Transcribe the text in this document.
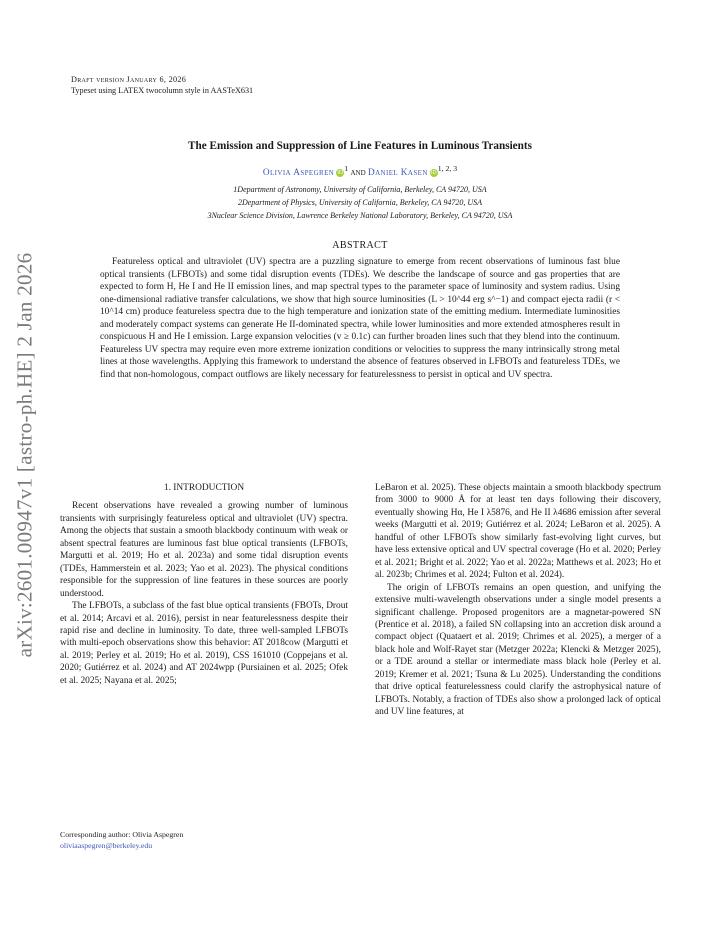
arXiv:2601.00947v1 [astro-ph.HE] 2 Jan 2026
Draft version January 6, 2026
Typeset using LATEX twocolumn style in AASTeX631
The Emission and Suppression of Line Features in Luminous Transients
Olivia Aspegren $iD^1$ and Daniel Kasen iD$^{1, 2, 3}$
1Department of Astronomy, University of California, Berkeley, CA 94720, USA
2Department of Physics, University of California, Berkeley, CA 94720, USA
3Nuclear Science Division, Lawrence Berkeley National Laboratory, Berkeley, CA 94720, USA
ABSTRACT

Featureless optical and ultraviolet (UV) spectra are a puzzling signature to emerge from recent observations of luminous fast blue optical transients (LFBOTs) and some tidal disruption events (TDEs). We describe the landscape of source and gas properties that are expected to form H, He I and He II emission lines, and map spectral types to the parameter space of luminosity and system radius. Using one-dimensional radiative transfer calculations, we show that high source luminosities (L > 10^44 erg s^−1) and compact ejecta radii (r < 10^14 cm) produce featureless spectra due to the high temperature and ionization state of the emitting medium. Intermediate luminosities and moderately compact systems can generate He II-dominated spectra, while lower luminosities and more extended atmospheres result in conspicuous H and He I emission. Large expansion velocities (v ≥ 0.1c) can further broaden lines such that they blend into the continuum. Featureless UV spectra may require even more extreme ionization conditions or velocities to suppress the many intrinsically strong metal lines at those wavelengths. Applying this framework to understand the absence of features observed in LFBOTs and featureless TDEs, we find that non-homologous, compact outflows are likely necessary for featurelessness to persist in optical and UV spectra.

1. INTRODUCTION

Recent observations have revealed a growing number of luminous transients with surprisingly featureless optical and ultraviolet (UV) spectra. Among the objects that sustain a smooth blackbody continuum with weak or absent spectral features are luminous fast blue optical transients (LFBOTs, Margutti et al. 2019; Ho et al. 2023a) and some tidal disruption events (TDEs, Hammerstein et al. 2023; Yao et al. 2023). The physical conditions responsible for the suppression of line features in these sources are poorly understood.

The LFBOTs, a subclass of the fast blue optical transients (FBOTs, Drout et al. 2014; Arcavi et al. 2016), persist in near featurelessness despite their rapid rise and decline in luminosity. To date, three well-sampled LFBOTs with multi-epoch observations show this behavior: AT 2018cow (Margutti et al. 2019; Perley et al. 2019; Ho et al. 2019), CSS 161010 (Coppejans et al. 2020; Gutiérrez et al. 2024) and AT 2024wpp (Pursiainen et al. 2025; Ofek et al. 2025; Nayana et al. 2025;

LeBaron et al. 2025). These objects maintain a smooth blackbody spectrum from 3000 to 9000 Å for at least ten days following their discovery, eventually showing Hα, He I λ5876, and He II λ4686 emission after several weeks (Margutti et al. 2019; Gutiérrez et al. 2024; LeBaron et al. 2025). A handful of other LFBOTs show similarly fast-evolving light curves, but have less extensive optical and UV spectral coverage (Ho et al. 2020; Perley et al. 2021; Bright et al. 2022; Yao et al. 2022a; Matthews et al. 2023; Ho et al. 2023b; Chrimes et al. 2024; Fulton et al. 2024).

The origin of LFBOTs remains an open question, and unifying the extensive multi-wavelength observations under a single model presents a significant challenge. Proposed progenitors are a magnetar-powered SN (Prentice et al. 2018), a failed SN collapsing into an accretion disk around a compact object (Quataert et al. 2019; Chrimes et al. 2025), a merger of a black hole and Wolf-Rayet star (Metzger 2022a; Klencki & Metzger 2025), or a TDE around a stellar or intermediate mass black hole (Perley et al. 2019; Kremer et al. 2021; Tsuna & Lu 2025). Understanding the conditions that drive optical featurelessness could clarify the astrophysical nature of LFBOTs. Notably, a fraction of TDEs also show a prolonged lack of optical and UV line features, at

Corresponding author: Olivia Aspegren
oliviaaspegren@berkeley.edu
